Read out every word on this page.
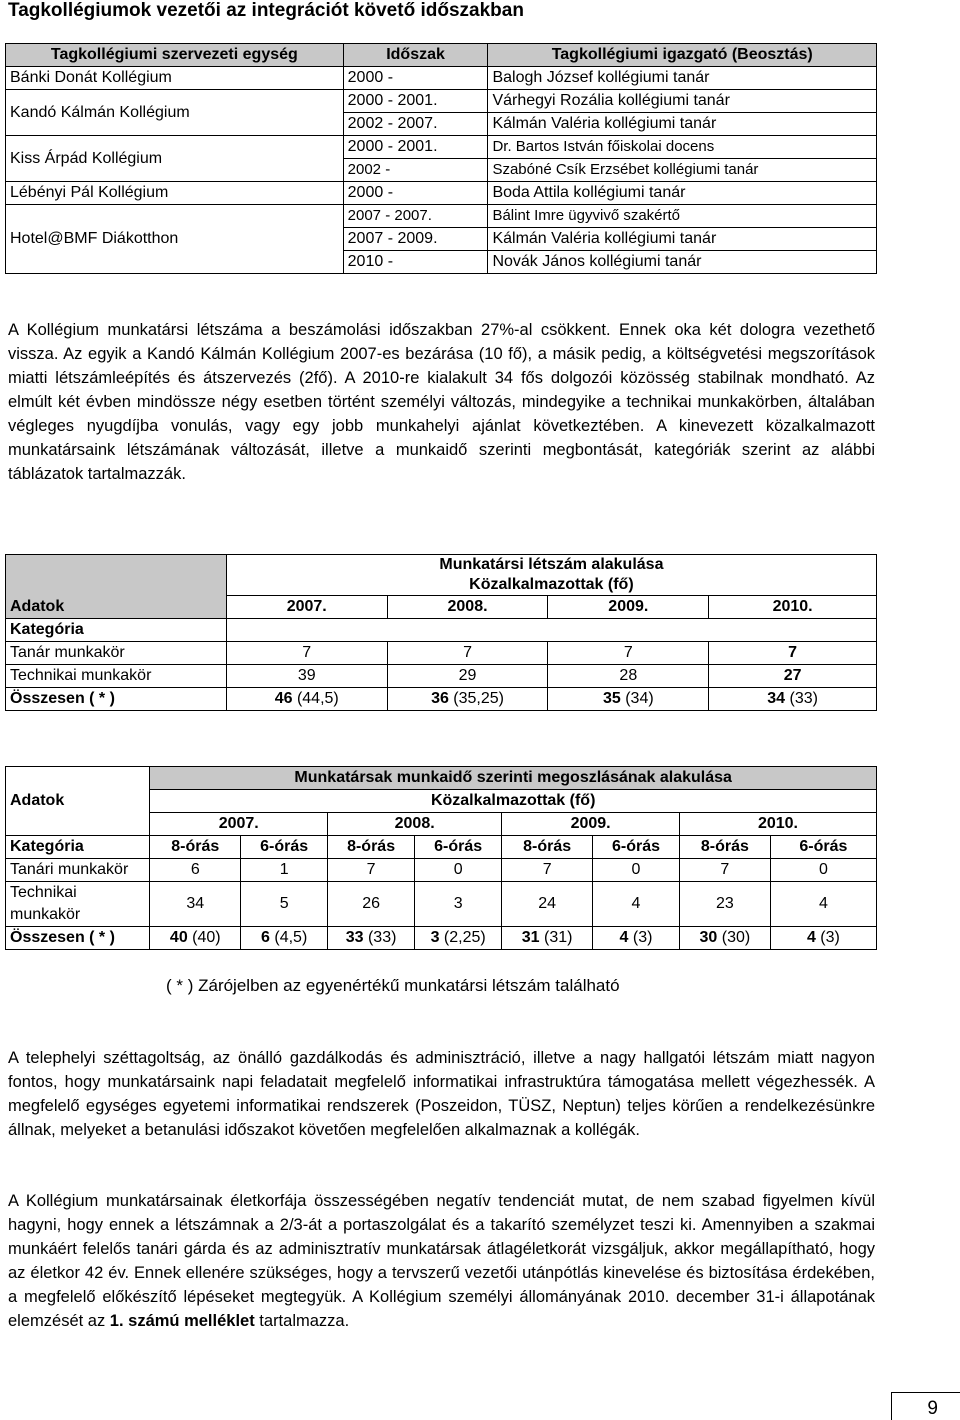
Tagkollégiumok vezetői az integrációt követő időszakban
Tagkollégiumi szervezeti egység	Időszak	Tagkollégiumi igazgató (Beosztás)
Bánki Donát Kollégium	2000 -	Balogh József kollégiumi tanár
Kandó Kálmán Kollégium	2000 - 2001.	Várhegyi Rozália kollégiumi tanár
	2002 - 2007.	Kálmán Valéria kollégiumi tanár
Kiss Árpád Kollégium	2000 - 2001.	Dr. Bartos István főiskolai docens
	2002 -	Szabóné Csík Erzsébet kollégiumi tanár
Lébényi Pál Kollégium	2000 -	Boda Attila kollégiumi tanár
Hotel@BMF Diákotthon	2007 - 2007.	Bálint Imre ügyvivő szakértő
	2007 - 2009.	Kálmán Valéria kollégiumi tanár
	2010 -	Novák János kollégiumi tanár

A Kollégium munkatársi létszáma a beszámolási időszakban 27%-al csökkent. Ennek oka két dologra vezethető vissza. Az egyik a Kandó Kálmán Kollégium 2007-es bezárása (10 fő), a másik pedig, a költségvetési megszorítások miatti létszámleépítés és átszervezés (2fő). A 2010-re kialakult 34 fős dolgozói közösség stabilnak mondható. Az elmúlt két évben mindössze négy esetben történt személyi változás, mindegyike a technikai munkakörben, általában végleges nyugdíjba vonulás, vagy egy jobb munkahelyi ajánlat következtében. A kinevezett közalkalmazott munkatársaink létszámának változását, illetve a munkaidő szerinti megbontását, kategóriák szerint az alábbi táblázatok tartalmazzák.

Adatok	Munkatársi létszám alakulása
Közalkalmazottak (fő)			

	2007.	2008.	2009.	2010.
Kategória				
Tanár munkakör	7	7	7	7
Technikai munkakör	39	29	28	27
Összesen ( * )	46 (44,5)	36 (35,25)	35 (34)	34 (33)
Adatok	Munkatársak munkaidő szerinti megoszlásának alakulása							
	Közalkalmazottak (fő)							
	2007.		2008.		2009.		2010.	
Kategória	8-órás	6-órás	8-órás	6-órás	8-órás	6-órás	8-órás	6-órás
Tanári munkakör	6	1	7	0	7	0	7	0
Technikai munkakör	34	5	26	3	24	4	23	4
Összesen ( * )	40 (40)	6 (4,5)	33 (33)	3 (2,25)	31 (31)	4 (3)	30 (30)	4 (3)
( * ) Zárójelben az egyenértékű munkatársi létszám található

A telephelyi széttagoltság, az önálló gazdálkodás és adminisztráció, illetve a nagy hallgatói létszám miatt nagyon fontos, hogy munkatársaink napi feladatait megfelelő informatikai infrastruktúra támogatása mellett végezhessék. A megfelelő egységes egyetemi informatikai rendszerek (Poszeidon, TÜSZ, Neptun) teljes körűen a rendelkezésünkre állnak, melyeket a betanulási időszakot követően megfelelően alkalmaznak a kollégák.

A Kollégium munkatársainak életkorfája összességében negatív tendenciát mutat, de nem szabad figyelmen kívül hagyni, hogy ennek a létszámnak a 2/3-át a portaszolgálat és a takarító személyzet teszi ki. Amennyiben a szakmai munkáért felelős tanári gárda és az adminisztratív munkatársak átlagéletkorát vizsgáljuk, akkor megállapítható, hogy az életkor 42 év. Ennek ellenére szükséges, hogy a tervszerű vezetői utánpótlás kinevelése és biztosítása érdekében, a megfelelő előkészítő lépéseket megtegyük. A Kollégium személyi állományának 2010. december 31-i állapotának elemzését az 1. számú melléklet tartalmazza.

9
